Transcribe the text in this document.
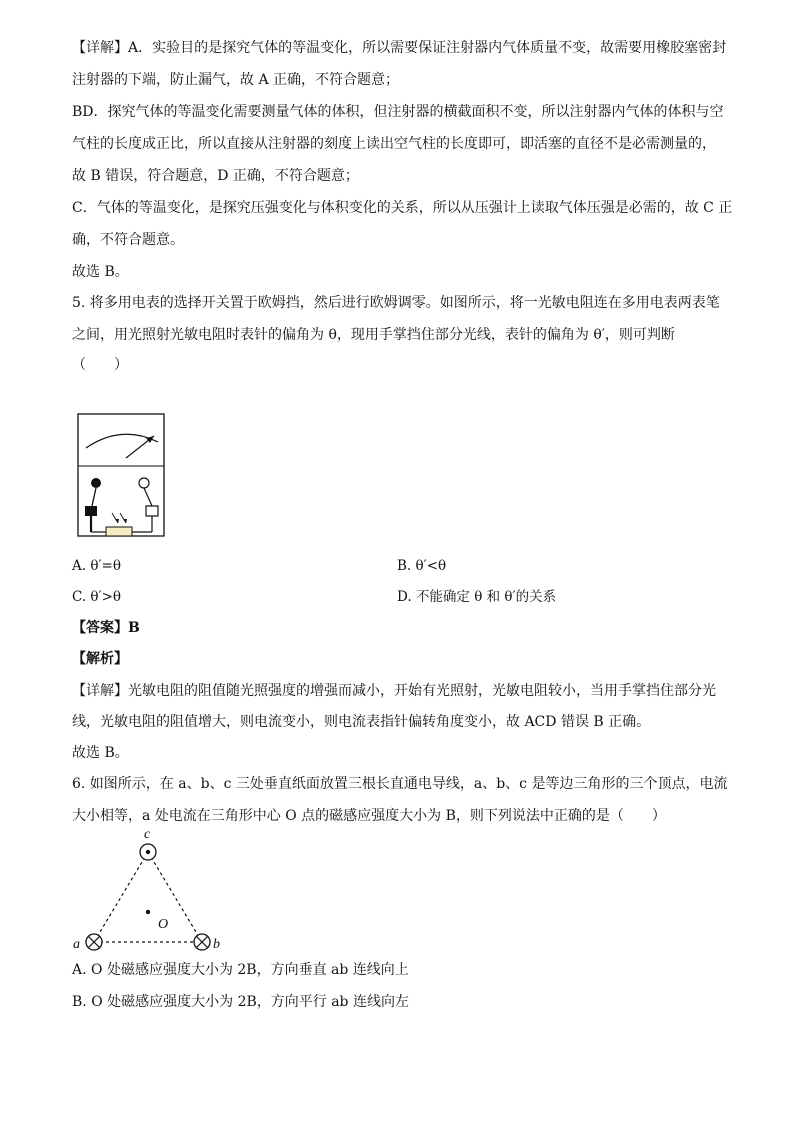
【详解】A．实验目的是探究气体的等温变化，所以需要保证注射器内气体质量不变，故需要用橡胶塞密封
注射器的下端，防止漏气，故 A 正确，不符合题意；
BD．探究气体的等温变化需要测量气体的体积，但注射器的横截面积不变，所以注射器内气体的体积与空
气柱的长度成正比，所以直接从注射器的刻度上读出空气柱的长度即可，即活塞的直径不是必需测量的，
故 B 错误，符合题意，D 正确，不符合题意；
C．气体的等温变化，是探究压强变化与体积变化的关系，所以从压强计上读取气体压强是必需的，故 C 正
确，不符合题意。
故选 B。
5. 将多用电表的选择开关置于欧姆挡，然后进行欧姆调零。如图所示，将一光敏电阻连在多用电表两表笔
之间，用光照射光敏电阻时表针的偏角为 θ，现用手掌挡住部分光线，表针的偏角为 θ′，则可判断
（　　）
A. θ′=θ	B. θ′<θ
C. θ′>θ	D. 不能确定 θ 和 θ′的关系
【答案】B
【解析】
【详解】光敏电阻的阻值随光照强度的增强而减小，开始有光照射，光敏电阻较小，当用手掌挡住部分光
线，光敏电阻的阻值增大，则电流变小，则电流表指针偏转角度变小，故 ACD 错误 B 正确。
故选 B。
6. 如图所示，在 a、b、c 三处垂直纸面放置三根长直通电导线，a、b、c 是等边三角形的三个顶点，电流
大小相等，a 处电流在三角形中心 O 点的磁感应强度大小为 B，则下列说法中正确的是（　　）
c
O
a	b
A. O 处磁感应强度大小为 2B，方向垂直 ab 连线向上
B. O 处磁感应强度大小为 2B，方向平行 ab 连线向左
